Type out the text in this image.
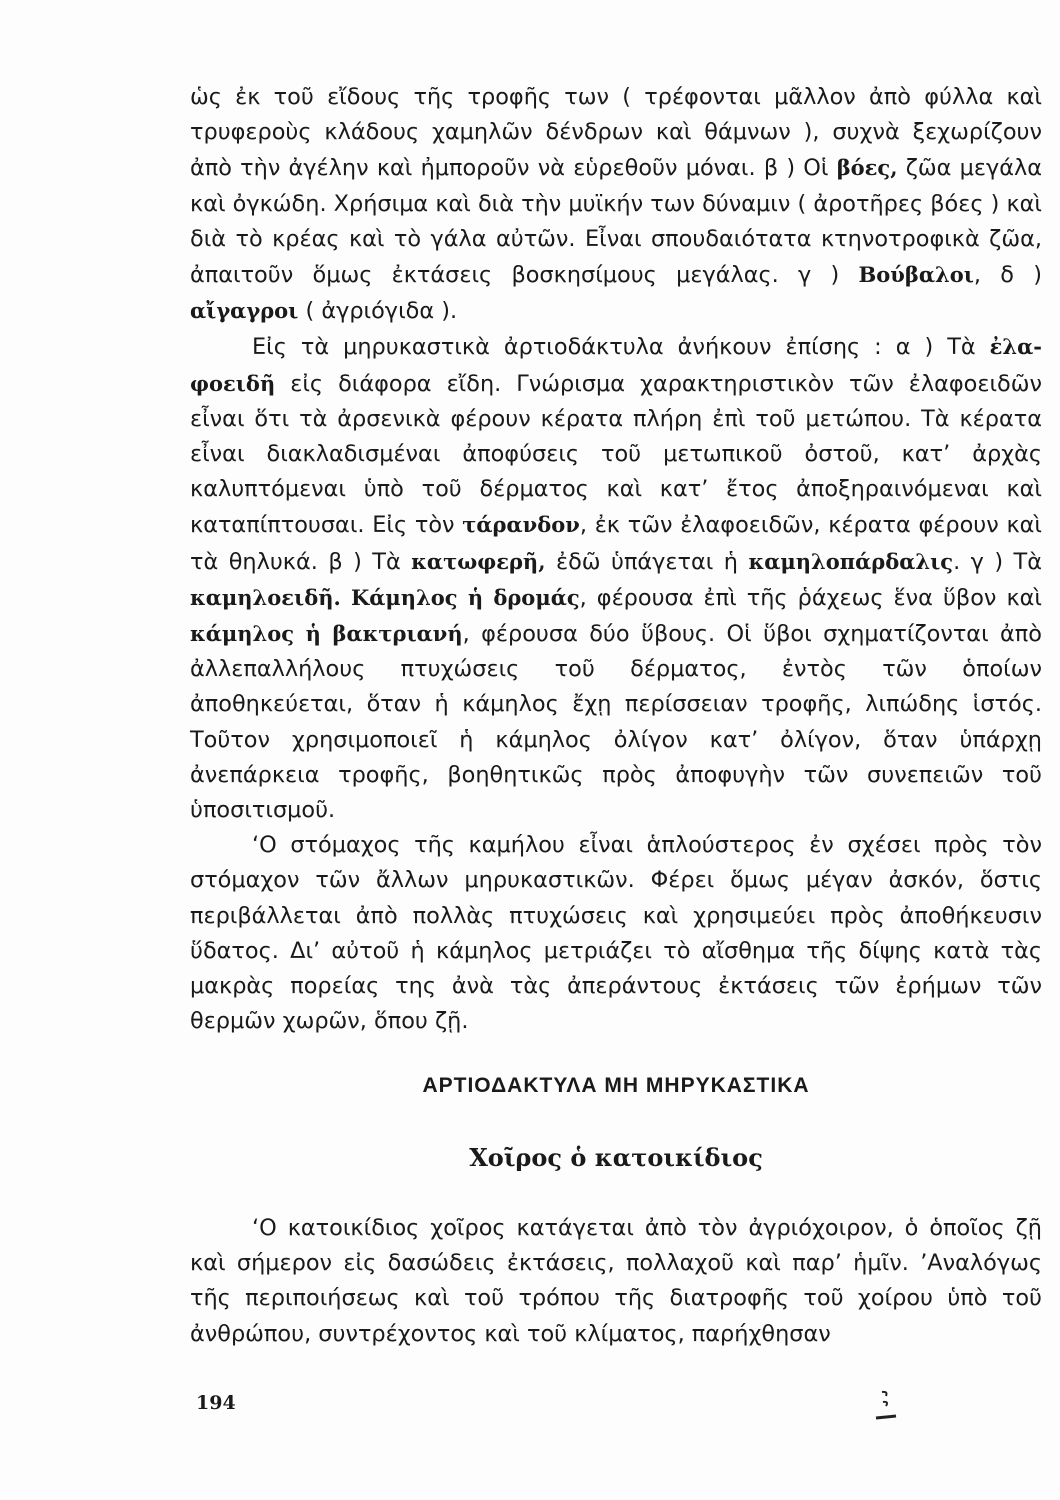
ὡς ἐκ τοῦ εἴδους τῆς τροφῆς των ( τρέφονται μᾶλλον ἀπὸ φύλλα καὶ τρυφεροὺς κλάδους χαμηλῶν δένδρων καὶ θάμνων ), συχνὰ ξεχωρίζουν ἀπὸ τὴν ἀγέλην καὶ ἠμποροῦν νὰ εὑρεθοῦν μόναι. β ) Οἱ βόες, ζῶα μεγάλα καὶ ὀγκώδη. Χρήσιμα καὶ διὰ τὴν μυϊκήν των δύναμιν ( ἀροτῆρες βόες ) καὶ διὰ τὸ κρέας καὶ τὸ γάλα αὐτῶν. Εἶναι σπουδαιότατα κτηνοτροφικὰ ζῶα, ἀπαιτοῦν ὅμως ἐκτάσεις βοσκησίμους μεγάλας. γ ) Βούβαλοι, δ ) αἴγαγροι ( ἀγριόγιδα ).

Εἰς τὰ μηρυκαστικὰ ἀρτιοδάκτυλα ἀνήκουν ἐπίσης : α ) Τὰ ἐλαφοειδῆ εἰς διάφορα εἴδη. Γνώρισμα χαρακτηριστικὸν τῶν ἐλαφοειδῶν εἶναι ὅτι τὰ ἀρσενικὰ φέρουν κέρατα πλήρη ἐπὶ τοῦ μετώπου. Τὰ κέρατα εἶναι διακλαδισμέναι ἀποφύσεις τοῦ μετωπικοῦ ὀστοῦ, κατ’ ἀρχὰς καλυπτόμεναι ὑπὸ τοῦ δέρματος καὶ κατ’ ἔτος ἀποξηραινόμεναι καὶ καταπίπτουσαι. Εἰς τὸν τάρανδον, ἐκ τῶν ἐλαφοειδῶν, κέρατα φέρουν καὶ τὰ θηλυκά. β ) Τὰ κατωφερῆ, ἐδῶ ὑπάγεται ἡ καμηλοπάρδαλις. γ ) Τὰ καμηλοειδῆ. Κάμηλος ἡ δρομάς, φέρουσα ἐπὶ τῆς ῥάχεως ἕνα ὕβον καὶ κάμηλος ἡ βακτριανή, φέρουσα δύο ὕβους. Οἱ ὕβοι σχηματίζονται ἀπὸ ἀλλεπαλλήλους πτυχώσεις τοῦ δέρματος, ἐντὸς τῶν ὁποίων ἀποθηκεύεται, ὅταν ἡ κάμηλος ἔχῃ περίσσειαν τροφῆς, λιπώδης ἱστός. Τοῦτον χρησιμοποιεῖ ἡ κάμηλος ὀλίγον κατ’ ὀλίγον, ὅταν ὑπάρχῃ ἀνεπάρκεια τροφῆς, βοηθητικῶς πρὸς ἀποφυγὴν τῶν συνεπειῶν τοῦ ὑποσιτισμοῦ.

‘Ο στόμαχος τῆς καμήλου εἶναι ἁπλούστερος ἐν σχέσει πρὸς τὸν στόμαχον τῶν ἄλλων μηρυκαστικῶν. Φέρει ὅμως μέγαν ἀσκόν, ὅστις περιβάλλεται ἀπὸ πολλὰς πτυχώσεις καὶ χρησιμεύει πρὸς ἀποθήκευσιν ὕδατος. Δι’ αὐτοῦ ἡ κάμηλος μετριάζει τὸ αἴσθημα τῆς δίψης κατὰ τὰς μακρὰς πορείας της ἀνὰ τὰς ἀπεράντους ἐκτάσεις τῶν ἐρήμων τῶν θερμῶν χωρῶν, ὅπου ζῇ.

ΑΡΤΙΟΔΑΚΤΥΛΑ ΜΗ ΜΗΡΥΚΑΣΤΙΚΑ
Χοῖρος ὁ κατοικίδιος

‘Ο κατοικίδιος χοῖρος κατάγεται ἀπὸ τὸν ἀγριόχοιρον, ὁ ὁποῖος ζῇ καὶ σήμερον εἰς δασώδεις ἐκτάσεις, πολλαχοῦ καὶ παρ’ ἡμῖν. ’Αναλόγως τῆς περιποιήσεως καὶ τοῦ τρόπου τῆς διατροφῆς τοῦ χοίρου ὑπὸ τοῦ ἀνθρώπου, συντρέχοντος καὶ τοῦ κλίματος, παρήχθησαν

194
